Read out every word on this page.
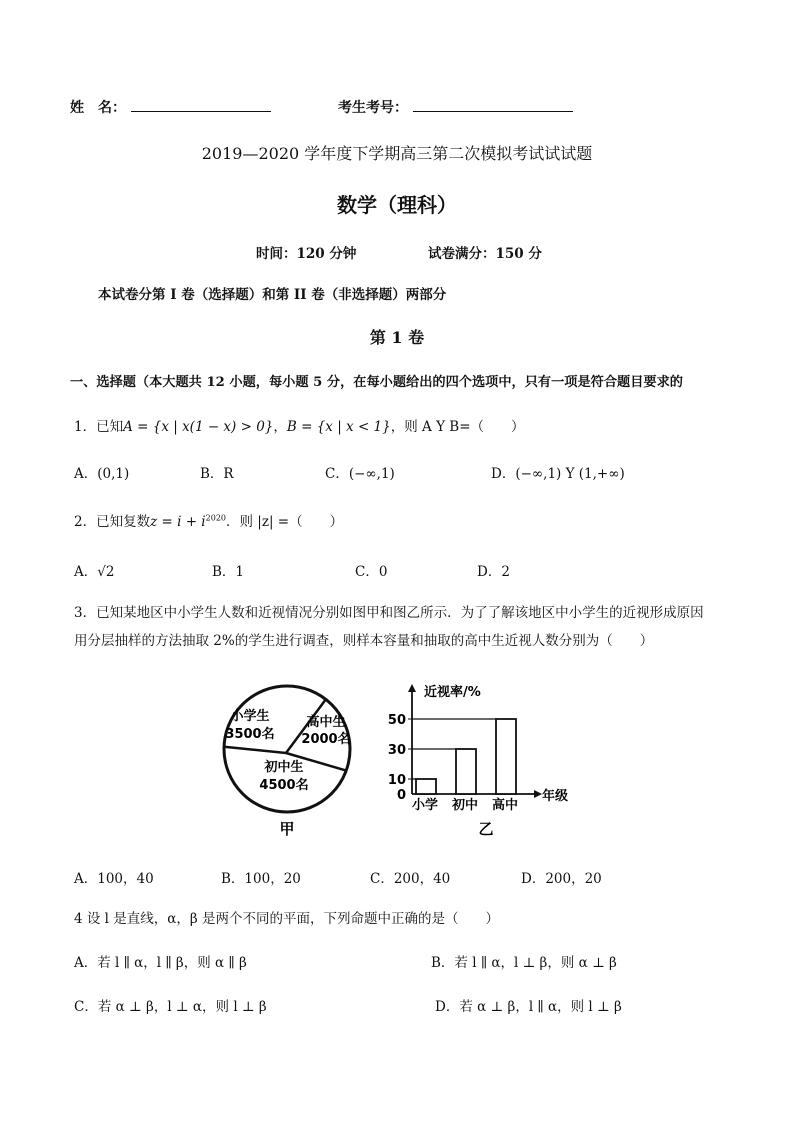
姓　名：	考生考号：
2019—2020 学年度下学期高三第二次模拟考试试试题
数学（理科）
时间：120 分钟	试卷满分：150 分
本试卷分第 I 卷（选择题）和第 II 卷（非选择题）两部分
第 1 卷
一、选择题（本大题共 12 小题，每小题 5 分，在每小题给出的四个选项中，只有一项是符合题目要求的
1．已知A = {x | x(1 − x) > 0}，B = {x | x < 1}，则 A Y B=（　　）
A．(0,1)	B．R	C．(−∞,1)	D．(−∞,1) Y (1,+∞)
2．已知复数$z = i + i^{2020}$．则 |z| =（　　）
A．√2	B．1	C．0	D．2
3．已知某地区中小学生人数和近视情况分别如图甲和图乙所示．为了了解该地区中小学生的近视形成原因
用分层抽样的方法抽取 2%的学生进行调查，则样本容量和抽取的高中生近视人数分别为（　　）
小学生
3500名
高中生
2000名
初中生
4500名
甲
近视率/%
年级
0
10
30
50
小学 初中 高中
乙
A．100，40	B．100，20	C．200，40	D．200，20
4 设 l 是直线，α，β 是两个不同的平面，下列命题中正确的是（　　）
A．若 l ∥ α，l ∥ β，则 α ∥ β	B．若 l ∥ α，l ⊥ β，则 α ⊥ β
C．若 α ⊥ β，l ⊥ α，则 l ⊥ β	D．若 α ⊥ β，l ∥ α，则 l ⊥ β
